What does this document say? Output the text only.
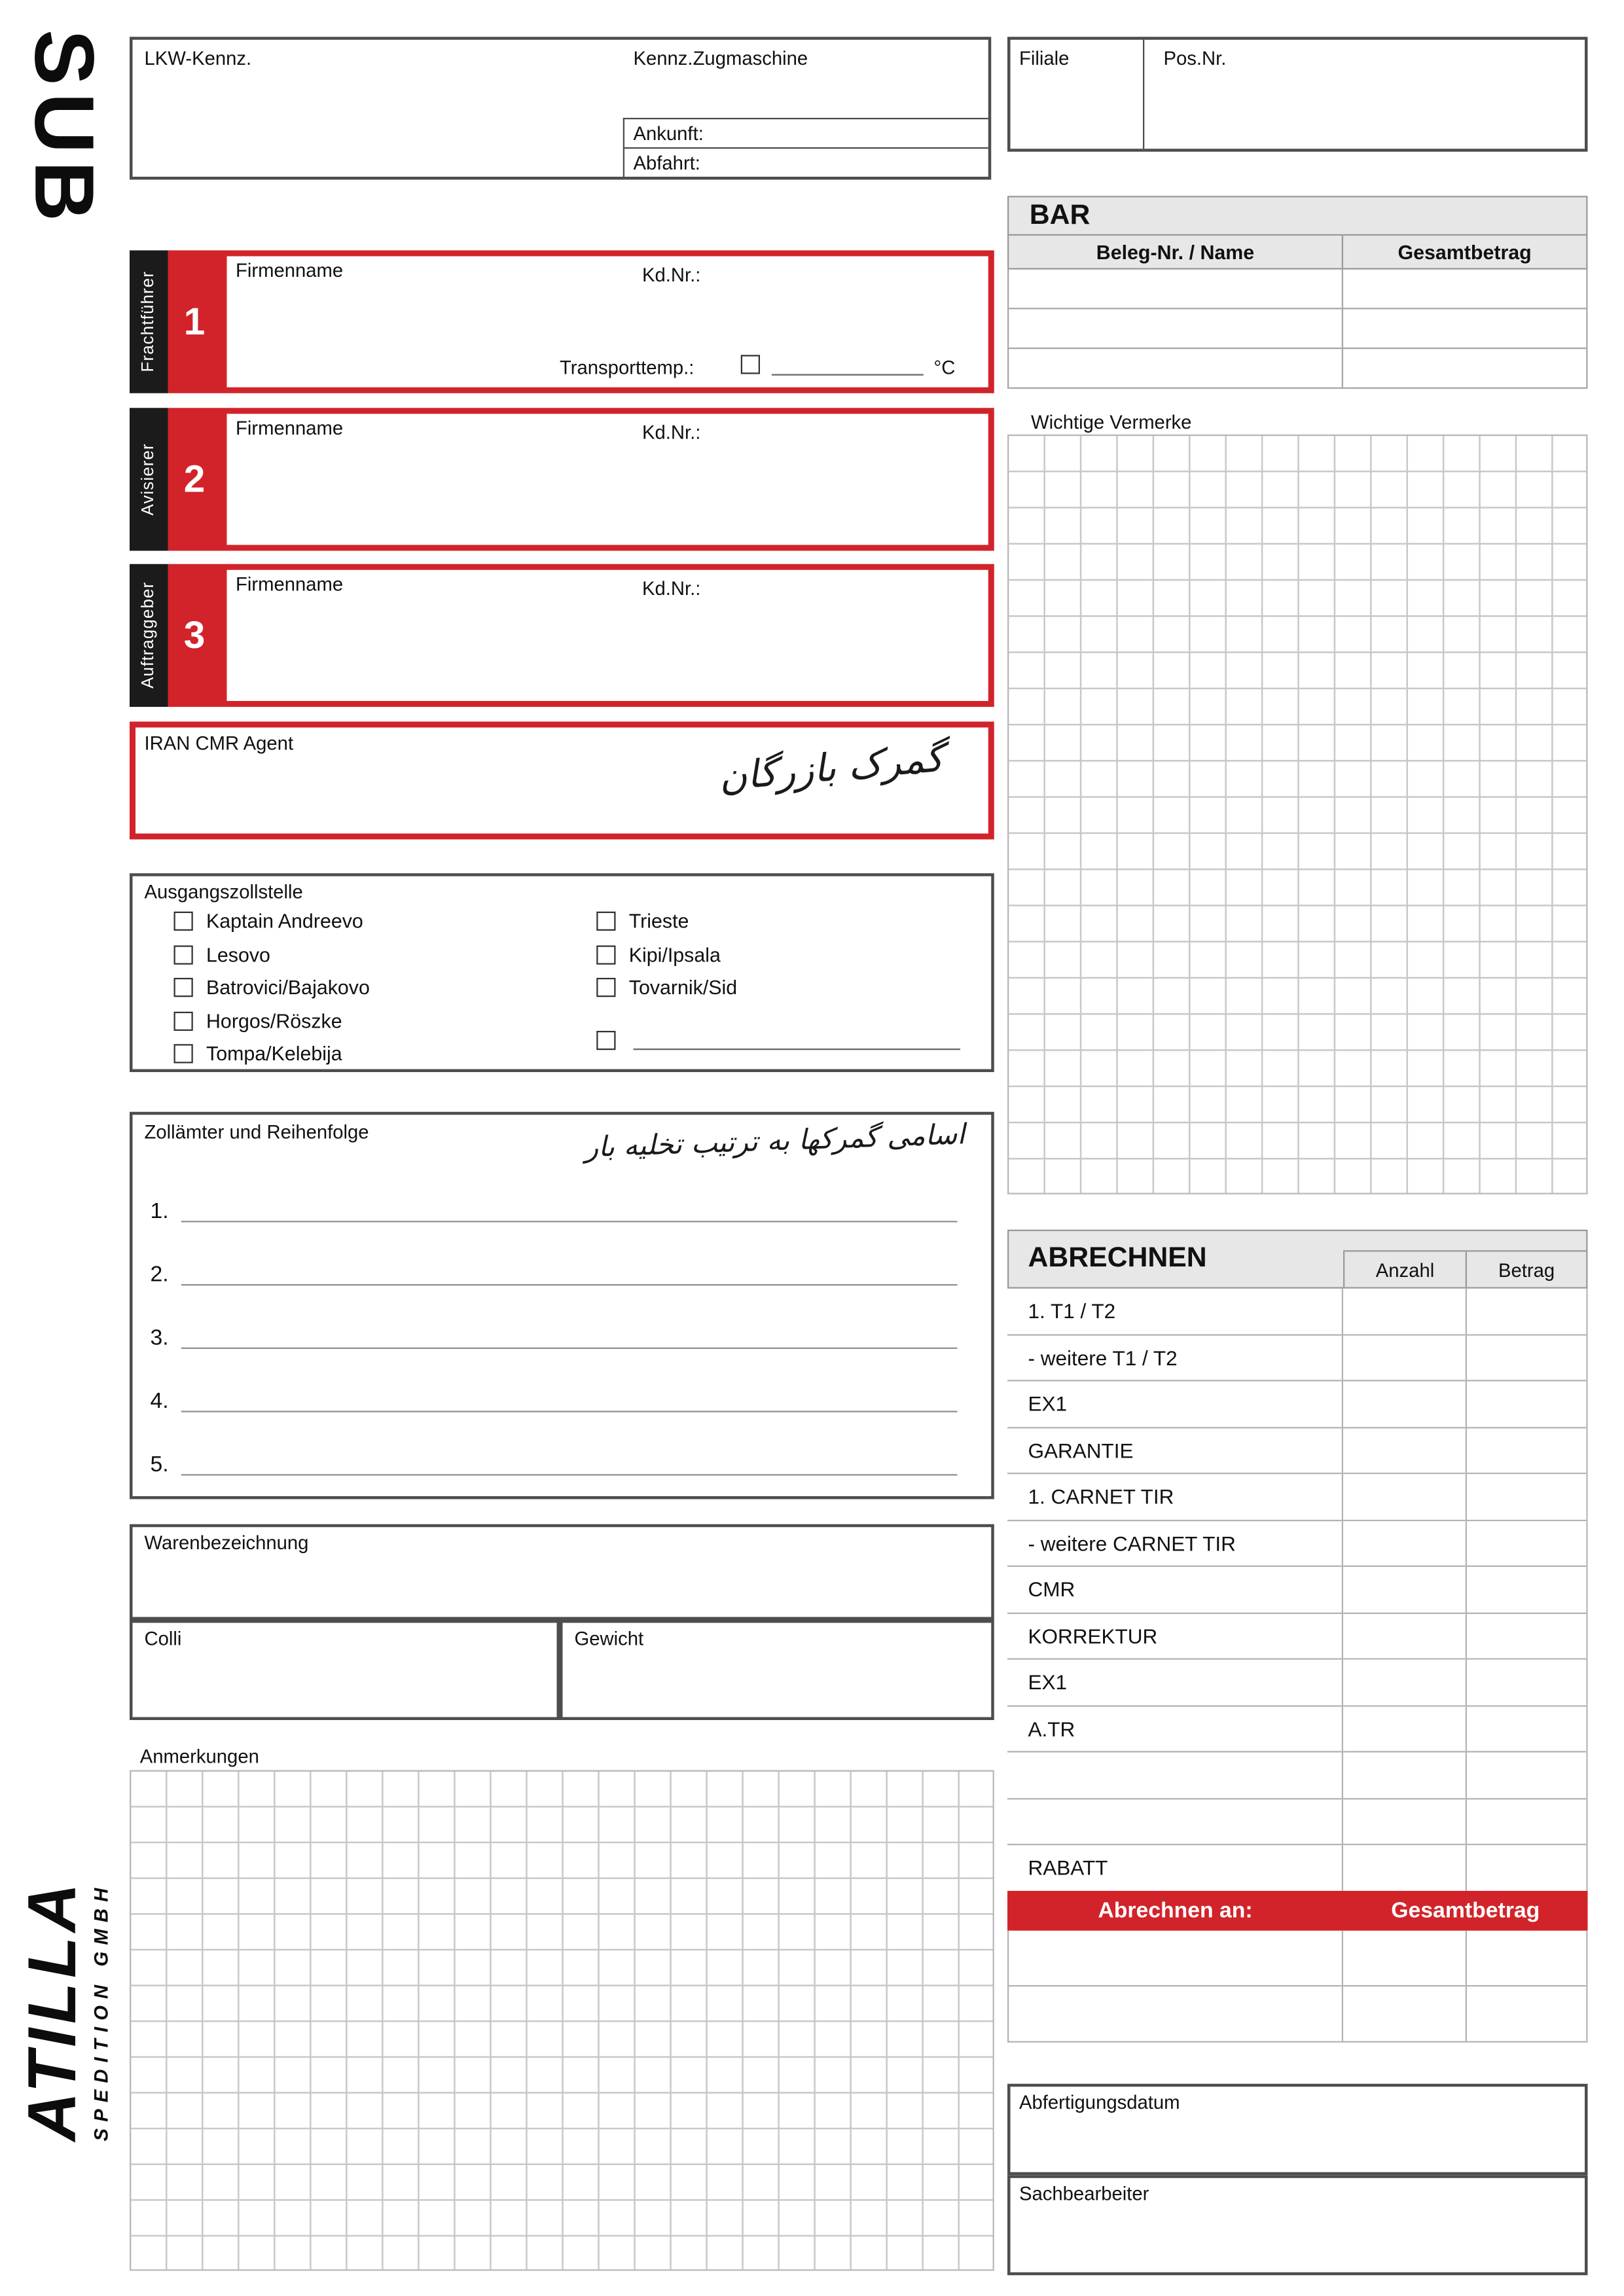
SUB	LKW-Kennz.	Kennz.Zugmaschine
Ankunft:
Abfahrt:
Filiale	Pos.Nr.
BAR
Beleg-Nr. / Name	Gesamtbetrag
Frachtführer	1
Firmenname	Kd.Nr.:
Transporttemp.:	°C
Avisierer	2
Firmenname	Kd.Nr.:
Auftraggeber	3
Firmenname	Kd.Nr.:
IRAN CMR Agent	گمرک بازرگان
Wichtige Vermerke
Ausgangszollstelle
Kaptain Andreevo
Lesovo
Batrovici/Bajakovo
Horgos/Röszke
Tompa/Kelebija
Trieste
Kipi/Ipsala
Tovarnik/Sid
Zollämter und Reihenfolge	اسامی گمرکها به ترتیب تخلیه بار
1.
2.
3.
4.
5.
Warenbezeichnung
Colli	Gewicht
Anmerkungen
ABRECHNEN	Anzahl	Betrag
1. T1 / T2
- weitere T1 / T2
EX1
GARANTIE
1. CARNET TIR
- weitere CARNET TIR
CMR
KORREKTUR
EX1
A.TR
RABATT
Abrechnen an:	Gesamtbetrag
Abfertigungsdatum
Sachbearbeiter
ATILLA SPEDITION GMBH
